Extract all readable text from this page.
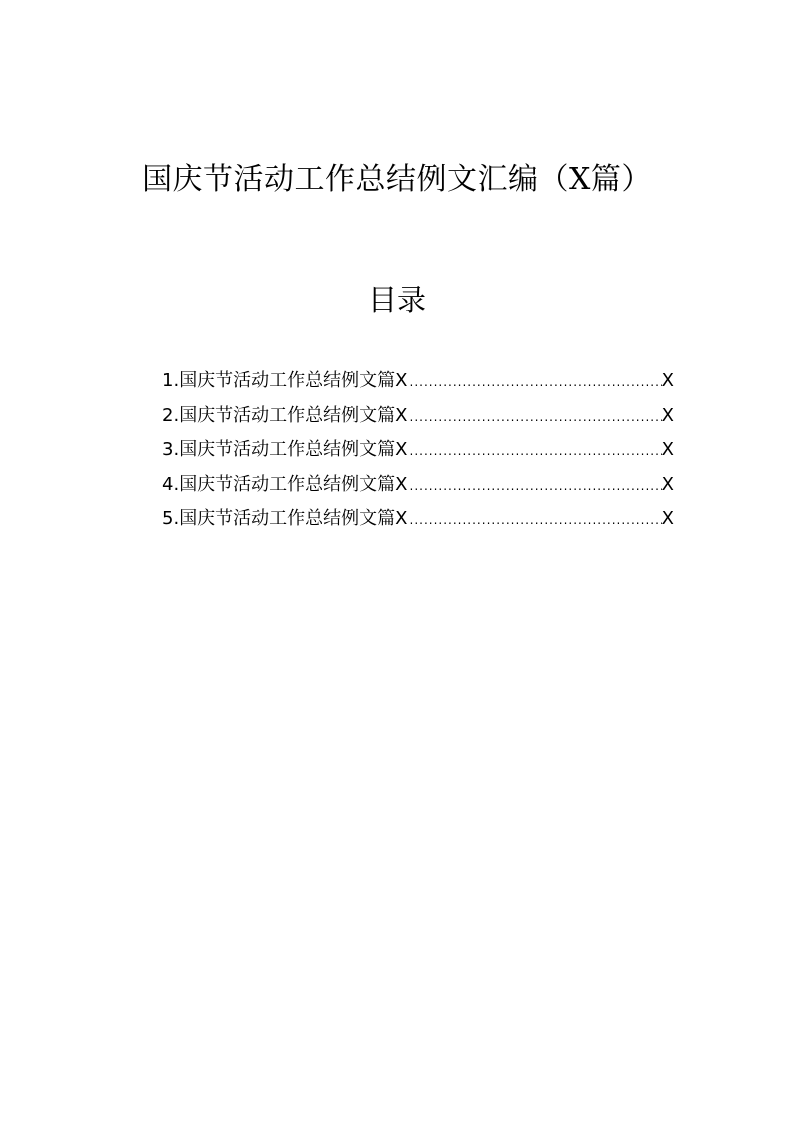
国庆节活动工作总结例文汇编（X篇）
目录
1. 国庆节活动工作总结例文篇X .....	X
2. 国庆节活动工作总结例文篇X .....	X
3. 国庆节活动工作总结例文篇X .....	X
4. 国庆节活动工作总结例文篇X .....	X
5. 国庆节活动工作总结例文篇X .....	X
